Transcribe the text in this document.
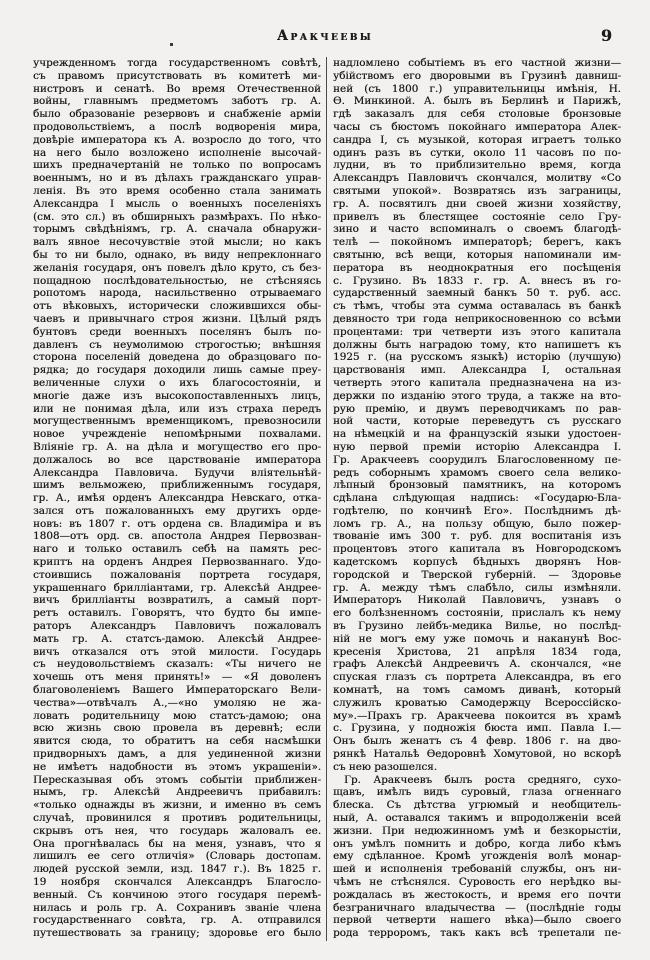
Аракчеевы	9
учрежденномъ тогда государственномъ совѣтѣ,
съ правомъ присутствовать въ комитетѣ ми-
нистровъ и сенатѣ. Во время Отечественной
войны, главнымъ предметомъ заботъ гр. А.
было образованіе резервовъ и снабженіе арміи
продовольствіемъ, а послѣ водворенія мира,
довѣріе императора къ А. возросло до того, что
на него было возложено исполненіе высочай-
шихъ предначертаній не только по вопросамъ
военнымъ, но и въ дѣлахъ гражданскаго управ-
ленія. Въ это время особенно стала занимать
Александра I мысль о военныхъ поселеніяхъ
(см. это сл.) въ обширныхъ размѣрахъ. По нѣко-
торымъ свѣдѣніямъ, гр. А. сначала обнаружи-
валъ явное несочувствіе этой мысли; но какъ
бы то ни было, однако, въ виду непреклоннаго
желанія государя, онъ повелъ дѣло круто, съ без-
пощадною послѣдовательностью, не стѣсняясь
ропотомъ народа, насильственно отрываемаго
отъ вѣковыхъ, исторически сложившихся обы-
чаевъ и привычнаго строя жизни. Цѣлый рядъ
бунтовъ среди военныхъ поселянъ былъ по-
давленъ съ неумолимою строгостью; внѣшняя
сторона поселеній доведена до образцоваго по-
рядка; до государя доходили лишь самые преу-
величенные слухи о ихъ благосостояніи, и
многіе даже изъ высокопоставленныхъ лицъ,
или не понимая дѣла, или изъ страха передъ
могущественнымъ временщикомъ, превозносили
новое учрежденіе непомѣрными похвалами.
Вліяніе гр. А. на дѣла и могущество его про-
должалось во все царствованіе императора
Александра Павловича. Будучи вліятельнѣй-
шимъ вельможею, приближеннымъ государя,
гр. А., имѣя орденъ Александра Невскаго, отка-
зался отъ пожалованныхъ ему другихъ орде-
новъ: въ 1807 г. отъ ордена св. Владиміра и въ
1808—отъ орд. св. апостола Андрея Первозван-
наго и только оставилъ себѣ на память рес-
криптъ на орденъ Андрея Первозваннаго. Удо-
стоившись пожалованія портрета государя,
украшеннаго брилліантами, гр. Алексѣй Андрее-
вичъ брилліанты возвратилъ, а самый порт-
ретъ оставилъ. Говорятъ, что будто бы импе-
раторъ Александръ Павловичъ пожаловалъ
мать гр. А. статсъ-дамою. Алексѣй Андрее-
вичъ отказался отъ этой милости. Государь
съ неудовольствіемъ сказалъ: «Ты ничего не
хочешь отъ меня принять!» — «Я доволенъ
благоволеніемъ Вашего Императорскаго Вели-
чества»—отвѣчалъ А.,—«но умоляю не жа-
ловать родительницу мою статсъ-дамою; она
всю жизнь свою провела въ деревнѣ; если
явится сюда, то обратитъ на себя насмѣшки
придворныхъ дамъ, а для уединенной жизни
не имѣетъ надобности въ этомъ украшеніи».
Пересказывая объ этомъ событіи приближен-
нымъ, гр. Алексѣй Андреевичъ прибавилъ:
«только однажды въ жизни, и именно въ семъ
случаѣ, провинился я противъ родительницы,
скрывъ отъ нея, что государь жаловалъ ее.
Она прогнѣвалась бы на меня, узнавъ, что я
лишилъ ее сего отличія» (Словарь достопам.
людей русской земли, изд. 1847 г.). Въ 1825 г.
19 ноября скончался Александръ Благосло-
венный. Съ кончиною этого государя перемѣ-
нилась и роль гр. А. Сохранивъ званіе члена
государственнаго совѣта, гр. А. отправился
путешествовать за границу; здоровье его было
надломлено событіемъ въ его частной жизни—
убійствомъ его дворовыми въ Грузинѣ давниш-
ней (съ 1800 г.) управительницы имѣнія, Н.
Ѳ. Минкиной. А. былъ въ Берлинѣ и Парижѣ,
гдѣ заказалъ для себя столовые бронзовые
часы съ бюстомъ покойнаго императора Алек-
сандра I, съ музыкой, которая играетъ только
одинъ разъ въ сутки, около 11 часовъ по по-
лудни, въ то приблизительно время, когда
Александръ Павловичъ скончался, молитву «Со
святыми упокой». Возвратясь изъ заграницы,
гр. А. посвятилъ дни своей жизни хозяйству,
привелъ въ блестящее состояніе село Гру-
зино и часто вспоминалъ о своемъ благодѣ-
телѣ — покойномъ императорѣ; берегъ, какъ
святыню, всѣ вещи, которыя напоминали им-
ператора въ неоднократныя его посѣщенія
с. Грузино. Въ 1833 г. гр. А. внесъ въ го-
сударственный заемный банкъ 50 т. руб. асс.
съ тѣмъ, чтобы эта сумма оставалась въ банкѣ
девяносто три года неприкосновенною со всѣми
процентами: три четверти изъ этого капитала
должны быть наградою тому, кто напишетъ къ
1925 г. (на русскомъ языкѣ) исторію (лучшую)
царствованія имп. Александра I, остальная
четверть этого капитала предназначена на из-
держки по изданію этого труда, а также на вто-
рую премію, и двумъ переводчикамъ по рав-
ной части, которые переведутъ съ русскаго
на нѣмецкій и на французскій языки удостоен-
ную первой преміи исторію Александра I.
Гр. Аракчеевъ соорудилъ Благословенному пе-
редъ соборнымъ храмомъ своего села велико-
лѣпный бронзовый памятникъ, на которомъ
сдѣлана слѣдующая надпись: «Государю-Бла-
годѣтелю, по кончинѣ Его». Послѣднимъ дѣ-
ломъ гр. А., на пользу общую, было пожер-
твованіе имъ 300 т. руб. для воспитанія изъ
процентовъ этого капитала въ Новгородскомъ
кадетскомъ корпусѣ бѣдныхъ дворянъ Нов-
городской и Тверской губерній. — Здоровье
гр. А. между тѣмъ слабѣло, силы измѣняли.
Императоръ Николай Павловичъ, узнавъ о
его болѣзненномъ состояніи, прислалъ къ нему
въ Грузино лейбъ-медика Вилье, но послѣд-
ній не могъ ему уже помочь и наканунѣ Вос-
кресенія Христова, 21 апрѣля 1834 года,
графъ Алексѣй Андреевичъ А. скончался, «не
спуская глазъ съ портрета Александра, въ его
комнатѣ, на томъ самомъ диванѣ, который
служилъ кроватью Самодержцу Всероссійско-
му».—Прахъ гр. Аракчеева покоится въ храмѣ
с. Грузина, у подножія бюста имп. Павла I.—
Онъ былъ женатъ съ 4 февр. 1806 г. на дво-
рянкѣ Натальѣ Ѳедоровнѣ Хомутовой, но вскорѣ
съ нею разошелся.
Гр. Аракчеевъ былъ роста средняго, сухо-
щавъ, имѣлъ видъ суровый, глаза огненнаго
блеска. Съ дѣтства угрюмый и необщитель-
ный, А. оставался такимъ и впродолженіи всей
жизни. При недюжинномъ умѣ и безкорыстіи,
онъ умѣлъ помнить и добро, когда либо кѣмъ
ему сдѣланное. Кромѣ угожденія волѣ монар-
шей и исполненія требованій службы, онъ ни-
чѣмъ не стѣснялся. Суровость его нерѣдко вы-
рождалась въ жестокость, и время его почти
безграничнаго владычества — (послѣдніе годы
первой четверти нашего вѣка)—было своего
рода терроромъ, такъ какъ всѣ трепетали пе-
